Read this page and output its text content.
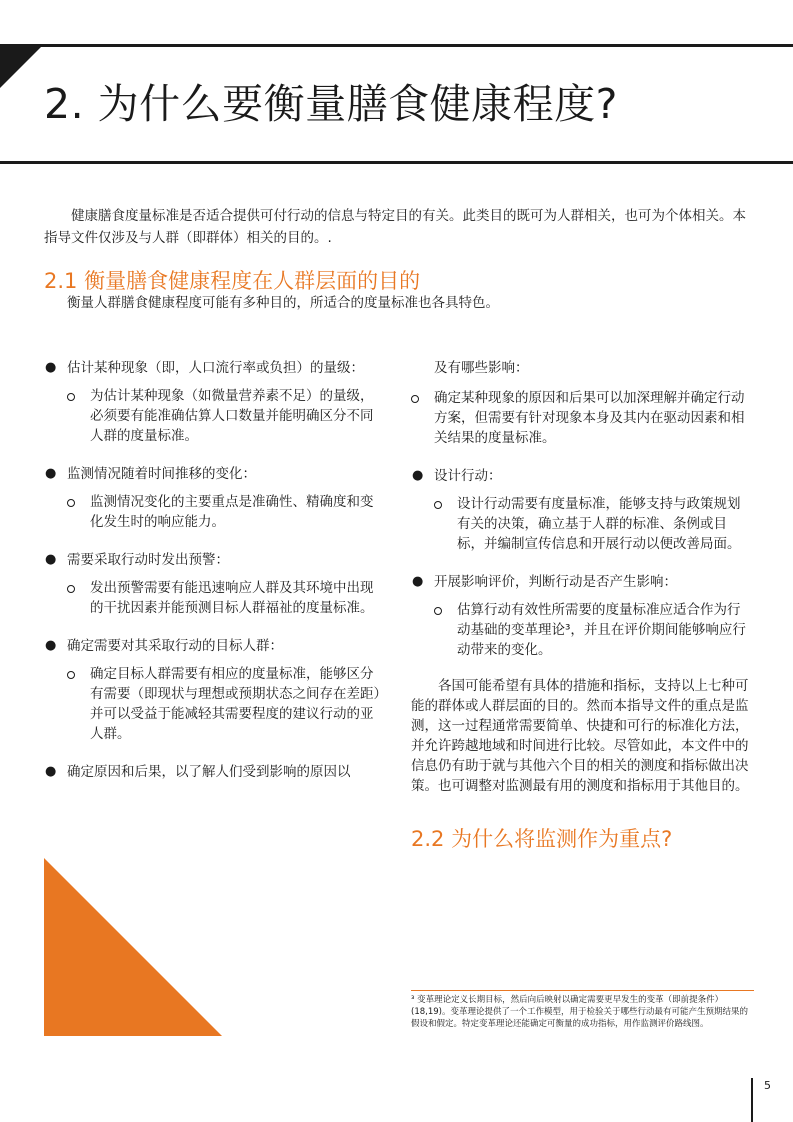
2. 为什么要衡量膳食健康程度?

健康膳食度量标准是否适合提供可付行动的信息与特定目的有关。此类目的既可为人群相关，也可为个体相关。本指导文件仅涉及与人群（即群体）相关的目的。.

2.1 衡量膳食健康程度在人群层面的目的

衡量人群膳食健康程度可能有多种目的，所适合的度量标准也各具特色。

● 估计某种现象（即，人口流行率或负担）的量级：
为估计某种现象（如微量营养素不足）的量级，必须要有能准确估算人口数量并能明确区分不同人群的度量标准。
● 监测情况随着时间推移的变化：
监测情况变化的主要重点是准确性、精确度和变化发生时的响应能力。
● 需要采取行动时发出预警：
发出预警需要有能迅速响应人群及其环境中出现的干扰因素并能预测目标人群福祉的度量标准。
● 确定需要对其采取行动的目标人群：
确定目标人群需要有相应的度量标准，能够区分有需要（即现状与理想或预期状态之间存在差距）并可以受益于能减轻其需要程度的建议行动的亚人群。
● 确定原因和后果，以了解人们受到影响的原因以

及有哪些影响：

确定某种现象的原因和后果可以加深理解并确定行动方案，但需要有针对现象本身及其内在驱动因素和相关结果的度量标准。
● 设计行动：
设计行动需要有度量标准，能够支持与政策规划有关的决策，确立基于人群的标准、条例或目标，并编制宣传信息和开展行动以便改善局面。
● 开展影响评价，判断行动是否产生影响：
估算行动有效性所需要的度量标准应适合作为行动基础的变革理论³，并且在评价期间能够响应行动带来的变化。

各国可能希望有具体的措施和指标，支持以上七种可能的群体或人群层面的目的。然而本指导文件的重点是监测，这一过程通常需要简单、快捷和可行的标准化方法，并允许跨越地域和时间进行比较。尽管如此，本文件中的信息仍有助于就与其他六个目的相关的测度和指标做出决策。也可调整对监测最有用的测度和指标用于其他目的。

2.2 为什么将监测作为重点?

³ 变革理论定义长期目标，然后向后映射以确定需要更早发生的变革（即前提条件）(18,19)。变革理论提供了一个工作模型，用于检验关于哪些行动最有可能产生预期结果的假设和假定。特定变革理论还能确定可衡量的成功指标，用作监测评价路线图。

5
